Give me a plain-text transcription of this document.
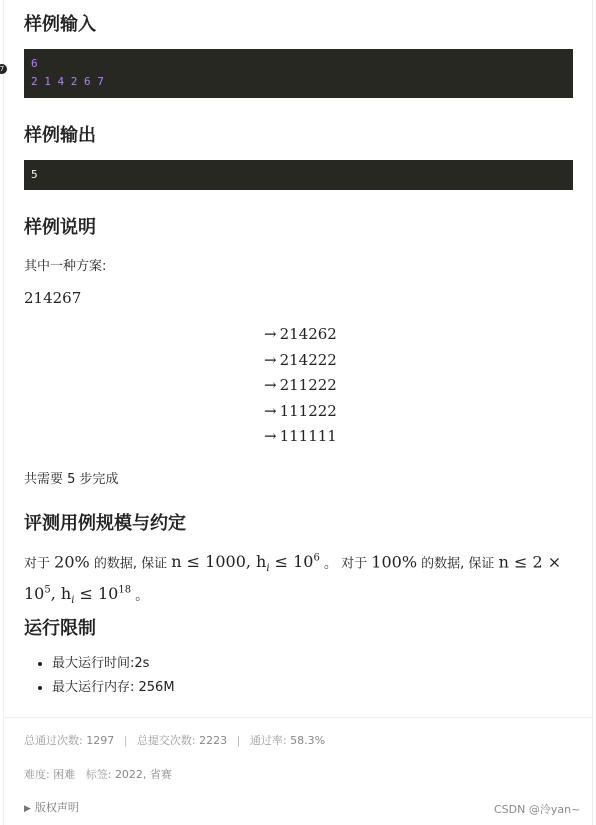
7
样例输入
6
2 1 4 2 6 7
样例输出
5
样例说明
其中一种方案:
214267
→ 214262
→ 214222
→ 211222
→ 111222
→ 111111
共需要 5 步完成
评测用例规模与约定
对于 20% 的数据, 保证 n ≤ 1000, $h_i \le 10^6$ 。 对于 100% 的数据, 保证 $n \le 2 \times 10^5$, $h_i \le 10^{18}$ 。
运行限制
• 最大运行时间:2s
• 最大运行内存: 256M
总通过次数: 1297 | 总提交次数: 2223 | 通过率: 58.3%
难度: 困难 标签: 2022, 省赛
▶ 版权声明	CSDN @泠yan~
